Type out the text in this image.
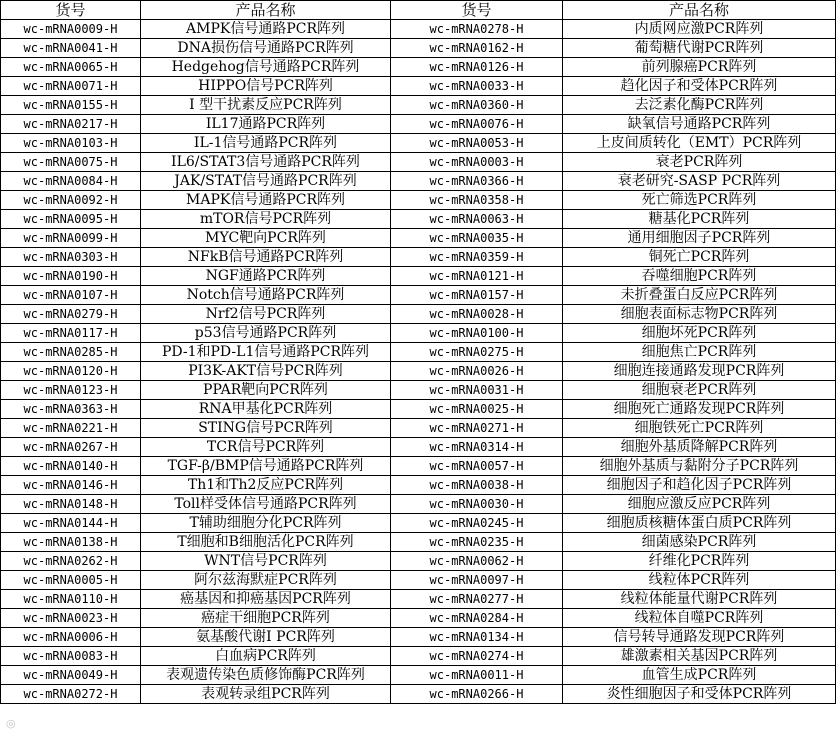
货号	产品名称	货号	产品名称
wc-mRNA0009-H	AMPK信号通路PCR阵列	wc-mRNA0278-H	内质网应激PCR阵列
wc-mRNA0041-H	DNA损伤信号通路PCR阵列	wc-mRNA0162-H	葡萄糖代谢PCR阵列
wc-mRNA0065-H	Hedgehog信号通路PCR阵列	wc-mRNA0126-H	前列腺癌PCR阵列
wc-mRNA0071-H	HIPPO信号PCR阵列	wc-mRNA0033-H	趋化因子和受体PCR阵列
wc-mRNA0155-H	I 型干扰素反应PCR阵列	wc-mRNA0360-H	去泛素化酶PCR阵列
wc-mRNA0217-H	IL17通路PCR阵列	wc-mRNA0076-H	缺氧信号通路PCR阵列
wc-mRNA0103-H	IL-1信号通路PCR阵列	wc-mRNA0053-H	上皮间质转化（EMT）PCR阵列
wc-mRNA0075-H	IL6/STAT3信号通路PCR阵列	wc-mRNA0003-H	衰老PCR阵列
wc-mRNA0084-H	JAK/STAT信号通路PCR阵列	wc-mRNA0366-H	衰老研究-SASP PCR阵列
wc-mRNA0092-H	MAPK信号通路PCR阵列	wc-mRNA0358-H	死亡筛选PCR阵列
wc-mRNA0095-H	mTOR信号PCR阵列	wc-mRNA0063-H	糖基化PCR阵列
wc-mRNA0099-H	MYC靶向PCR阵列	wc-mRNA0035-H	通用细胞因子PCR阵列
wc-mRNA0303-H	NFkB信号通路PCR阵列	wc-mRNA0359-H	铜死亡PCR阵列
wc-mRNA0190-H	NGF通路PCR阵列	wc-mRNA0121-H	吞噬细胞PCR阵列
wc-mRNA0107-H	Notch信号通路PCR阵列	wc-mRNA0157-H	未折叠蛋白反应PCR阵列
wc-mRNA0279-H	Nrf2信号PCR阵列	wc-mRNA0028-H	细胞表面标志物PCR阵列
wc-mRNA0117-H	p53信号通路PCR阵列	wc-mRNA0100-H	细胞坏死PCR阵列
wc-mRNA0285-H	PD-1和PD-L1信号通路PCR阵列	wc-mRNA0275-H	细胞焦亡PCR阵列
wc-mRNA0120-H	PI3K-AKT信号PCR阵列	wc-mRNA0026-H	细胞连接通路发现PCR阵列
wc-mRNA0123-H	PPAR靶向PCR阵列	wc-mRNA0031-H	细胞衰老PCR阵列
wc-mRNA0363-H	RNA甲基化PCR阵列	wc-mRNA0025-H	细胞死亡通路发现PCR阵列
wc-mRNA0221-H	STING信号PCR阵列	wc-mRNA0271-H	细胞铁死亡PCR阵列
wc-mRNA0267-H	TCR信号PCR阵列	wc-mRNA0314-H	细胞外基质降解PCR阵列
wc-mRNA0140-H	TGF-β/BMP信号通路PCR阵列	wc-mRNA0057-H	细胞外基质与黏附分子PCR阵列
wc-mRNA0146-H	Th1和Th2反应PCR阵列	wc-mRNA0038-H	细胞因子和趋化因子PCR阵列
wc-mRNA0148-H	Toll样受体信号通路PCR阵列	wc-mRNA0030-H	细胞应激反应PCR阵列
wc-mRNA0144-H	T辅助细胞分化PCR阵列	wc-mRNA0245-H	细胞质核糖体蛋白质PCR阵列
wc-mRNA0138-H	T细胞和B细胞活化PCR阵列	wc-mRNA0235-H	细菌感染PCR阵列
wc-mRNA0262-H	WNT信号PCR阵列	wc-mRNA0062-H	纤维化PCR阵列
wc-mRNA0005-H	阿尔兹海默症PCR阵列	wc-mRNA0097-H	线粒体PCR阵列
wc-mRNA0110-H	癌基因和抑癌基因PCR阵列	wc-mRNA0277-H	线粒体能量代谢PCR阵列
wc-mRNA0023-H	癌症干细胞PCR阵列	wc-mRNA0284-H	线粒体自噬PCR阵列
wc-mRNA0006-H	氨基酸代谢I PCR阵列	wc-mRNA0134-H	信号转导通路发现PCR阵列
wc-mRNA0083-H	白血病PCR阵列	wc-mRNA0274-H	雄激素相关基因PCR阵列
wc-mRNA0049-H	表观遗传染色质修饰酶PCR阵列	wc-mRNA0011-H	血管生成PCR阵列
wc-mRNA0272-H	表观转录组PCR阵列	wc-mRNA0266-H	炎性细胞因子和受体PCR阵列
◎
